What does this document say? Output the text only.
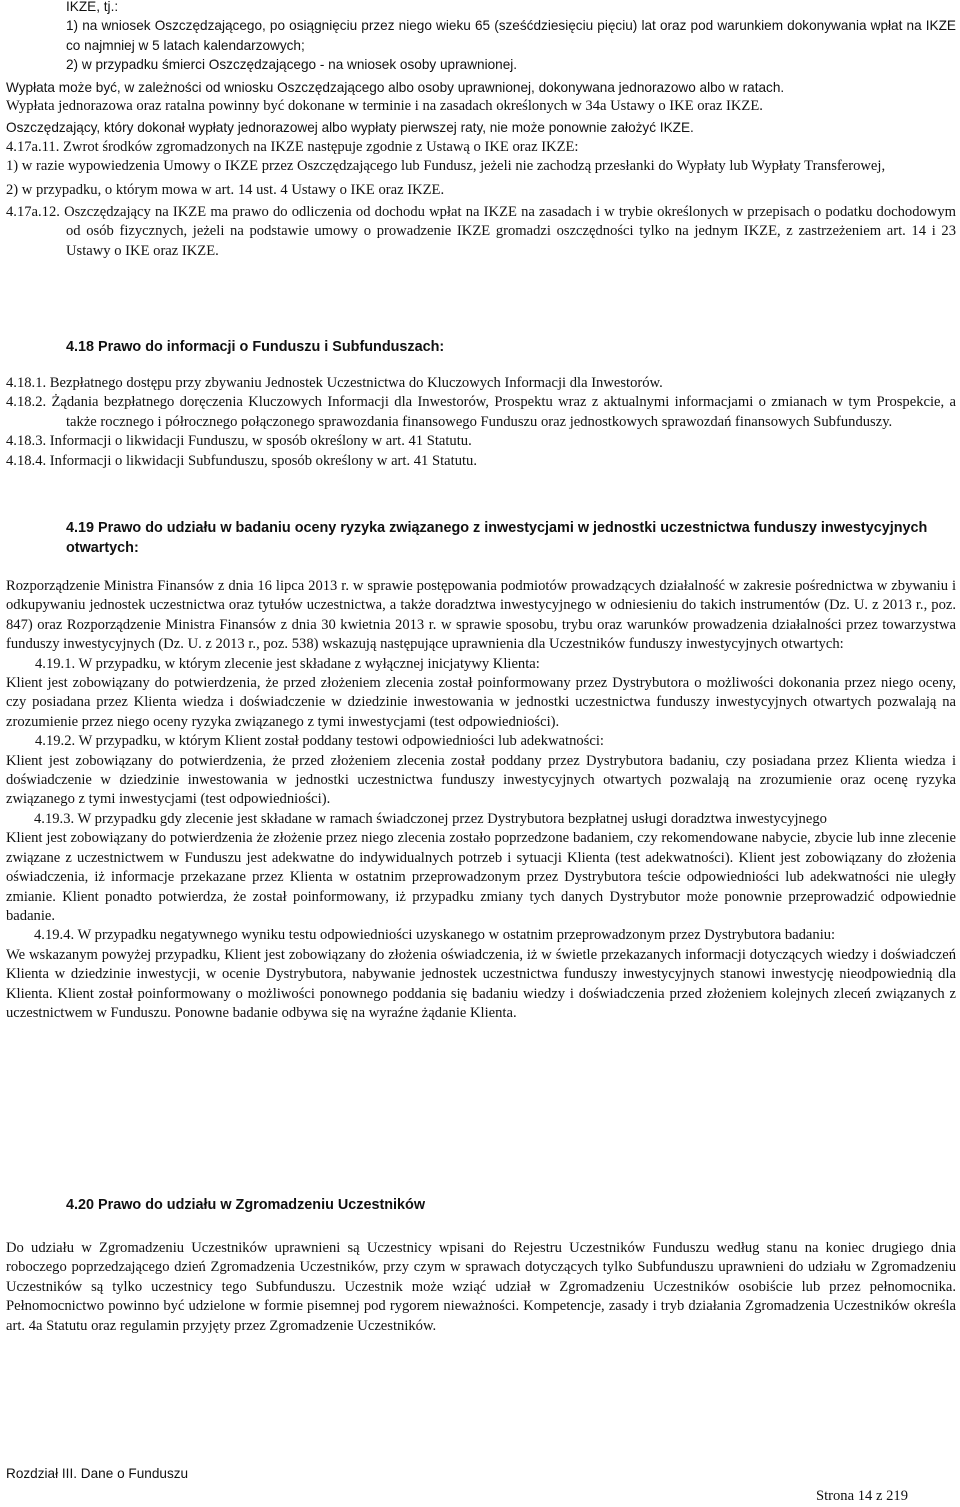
IKZE, tj.:

1) na wniosek Oszczędzającego, po osiągnięciu przez niego wieku 65 (sześćdziesięciu pięciu) lat oraz pod warunkiem dokonywania wpłat na IKZE co najmniej w 5 latach kalendarzowych;

2) w przypadku śmierci Oszczędzającego - na wniosek osoby uprawnionej.

Wypłata może być, w zależności od wniosku Oszczędzającego albo osoby uprawnionej, dokonywana jednorazowo albo w ratach.

Wypłata jednorazowa oraz ratalna powinny być dokonane w terminie i na zasadach określonych w 34a Ustawy o IKE oraz IKZE.

Oszczędzający, który dokonał wypłaty jednorazowej albo wypłaty pierwszej raty, nie może ponownie założyć IKZE.

4.17a.11. Zwrot środków zgromadzonych na IKZE następuje zgodnie z Ustawą o IKE oraz IKZE:

1) w razie wypowiedzenia Umowy o IKZE przez Oszczędzającego lub Fundusz, jeżeli nie zachodzą przesłanki do Wypłaty lub Wypłaty Transferowej,

2) w przypadku, o którym mowa w art. 14 ust. 4 Ustawy o IKE oraz IKZE.

4.17a.12. Oszczędzający na IKZE ma prawo do odliczenia od dochodu wpłat na IKZE na zasadach i w trybie określonych w przepisach o podatku dochodowym od osób fizycznych, jeżeli na podstawie umowy o prowadzenie IKZE gromadzi oszczędności tylko na jednym IKZE, z zastrzeżeniem art. 14 i 23 Ustawy o IKE oraz IKZE.

4.18 Prawo do informacji o Funduszu i Subfunduszach:

4.18.1. Bezpłatnego dostępu przy zbywaniu Jednostek Uczestnictwa do Kluczowych Informacji dla Inwestorów.

4.18.2. Żądania bezpłatnego doręczenia Kluczowych Informacji dla Inwestorów, Prospektu wraz z aktualnymi informacjami o zmianach w tym Prospekcie, a także rocznego i półrocznego połączonego sprawozdania finansowego Funduszu oraz jednostkowych sprawozdań finansowych Subfunduszy.

4.18.3. Informacji o likwidacji Funduszu, w sposób określony w art. 41 Statutu.

4.18.4. Informacji o likwidacji Subfunduszu, sposób określony w art. 41 Statutu.

4.19 Prawo do udziału w badaniu oceny ryzyka związanego z inwestycjami w jednostki uczestnictwa funduszy inwestycyjnych otwartych:

Rozporządzenie Ministra Finansów z dnia 16 lipca 2013 r. w sprawie postępowania podmiotów prowadzących działalność w zakresie pośrednictwa w zbywaniu i odkupywaniu jednostek uczestnictwa oraz tytułów uczestnictwa, a także doradztwa inwestycyjnego w odniesieniu do takich instrumentów (Dz. U. z 2013 r., poz. 847) oraz Rozporządzenie Ministra Finansów z dnia 30 kwietnia 2013 r. w sprawie sposobu, trybu oraz warunków prowadzenia działalności przez towarzystwa funduszy inwestycyjnych (Dz. U. z 2013 r., poz. 538) wskazują następujące uprawnienia dla Uczestników funduszy inwestycyjnych otwartych:

4.19.1. W przypadku, w którym zlecenie jest składane z wyłącznej inicjatywy Klienta:

Klient jest zobowiązany do potwierdzenia, że przed złożeniem zlecenia został poinformowany przez Dystrybutora o możliwości dokonania przez niego oceny, czy posiadana przez Klienta wiedza i doświadczenie w dziedzinie inwestowania w jednostki uczestnictwa funduszy inwestycyjnych otwartych pozwalają na zrozumienie przez niego oceny ryzyka związanego z tymi inwestycjami (test odpowiedniości).

4.19.2. W przypadku, w którym Klient został poddany testowi odpowiedniości lub adekwatności:

Klient jest zobowiązany do potwierdzenia, że przed złożeniem zlecenia został poddany przez Dystrybutora badaniu, czy posiadana przez Klienta wiedza i doświadczenie w dziedzinie inwestowania w jednostki uczestnictwa funduszy inwestycyjnych otwartych pozwalają na zrozumienie oraz ocenę ryzyka związanego z tymi inwestycjami (test odpowiedniości).

4.19.3. W przypadku gdy zlecenie jest składane w ramach świadczonej przez Dystrybutora bezpłatnej usługi doradztwa inwestycyjnego

Klient jest zobowiązany do potwierdzenia że złożenie przez niego zlecenia zostało poprzedzone badaniem, czy rekomendowane nabycie, zbycie lub inne zlecenie związane z uczestnictwem w Funduszu jest adekwatne do indywidualnych potrzeb i sytuacji Klienta (test adekwatności). Klient jest zobowiązany do złożenia oświadczenia, iż informacje przekazane przez Klienta w ostatnim przeprowadzonym przez Dystrybutora teście odpowiedniości lub adekwatności nie uległy zmianie. Klient ponadto potwierdza, że został poinformowany, iż przypadku zmiany tych danych Dystrybutor może ponownie przeprowadzić odpowiednie badanie.

4.19.4. W przypadku negatywnego wyniku testu odpowiedniości uzyskanego w ostatnim przeprowadzonym przez Dystrybutora badaniu:

We wskazanym powyżej przypadku, Klient jest zobowiązany do złożenia oświadczenia, iż w świetle przekazanych informacji dotyczących wiedzy i doświadczeń Klienta w dziedzinie inwestycji, w ocenie Dystrybutora, nabywanie jednostek uczestnictwa funduszy inwestycyjnych stanowi inwestycję nieodpowiednią dla Klienta. Klient został poinformowany o możliwości ponownego poddania się badaniu wiedzy i doświadczenia przed złożeniem kolejnych zleceń związanych z uczestnictwem w Funduszu. Ponowne badanie odbywa się na wyraźne żądanie Klienta.

4.20 Prawo do udziału w Zgromadzeniu Uczestników

Do udziału w Zgromadzeniu Uczestników uprawnieni są Uczestnicy wpisani do Rejestru Uczestników Funduszu według stanu na koniec drugiego dnia roboczego poprzedzającego dzień Zgromadzenia Uczestników, przy czym w sprawach dotyczących tylko Subfunduszu uprawnieni do udziału w Zgromadzeniu Uczestników są tylko uczestnicy tego Subfunduszu. Uczestnik może wziąć udział w Zgromadzeniu Uczestników osobiście lub przez pełnomocnika. Pełnomocnictwo powinno być udzielone w formie pisemnej pod rygorem nieważności. Kompetencje, zasady i tryb działania Zgromadzenia Uczestników określa art. 4a Statutu oraz regulamin przyjęty przez Zgromadzenie Uczestników.

Rozdział III. Dane o Funduszu
Strona 14 z 219
